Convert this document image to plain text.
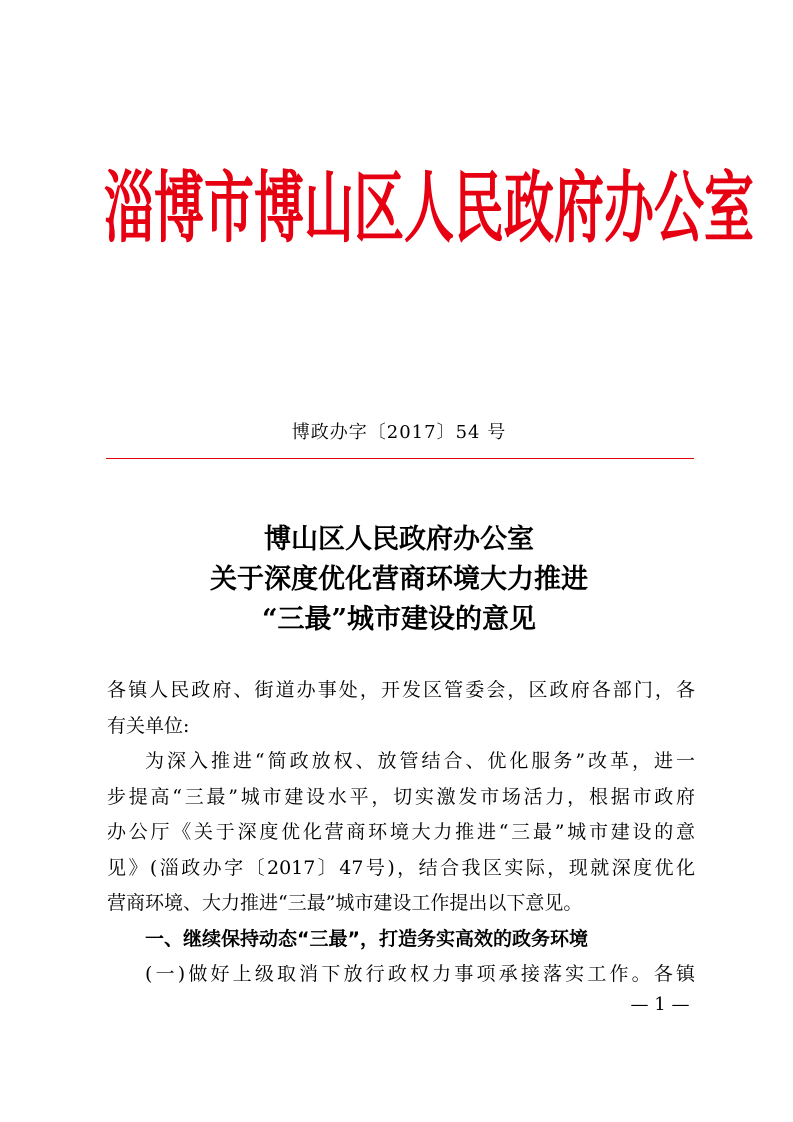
淄博市博山区人民政府办公室
博政办字〔2017〕54 号
博山区人民政府办公室
关于深度优化营商环境大力推进
“三最”城市建设的意见
各镇人民政府、街道办事处，开发区管委会，区政府各部门，各
有关单位:
为深入推进“简政放权、放管结合、优化服务”改革，进一
步提高“三最”城市建设水平，切实激发市场活力，根据市政府
办公厅《关于深度优化营商环境大力推进“三最”城市建设的意
见》(淄政办字〔2017〕47号)，结合我区实际，现就深度优化
营商环境、大力推进“三最”城市建设工作提出以下意见。
一、继续保持动态“三最”，打造务实高效的政务环境
(一)做好上级取消下放行政权力事项承接落实工作。各镇
— 1 —
